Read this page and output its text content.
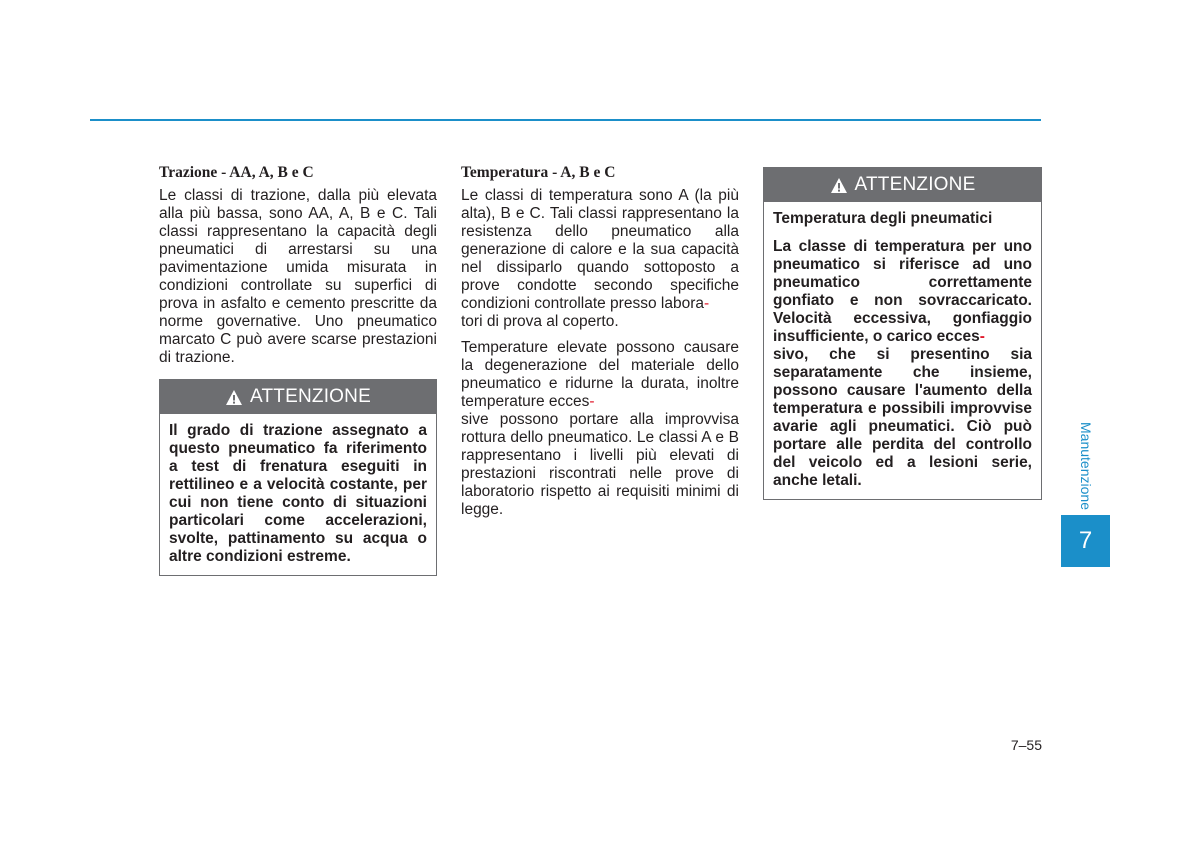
Trazione - AA, A, B e C

Le classi di trazione, dalla più elevata alla più bassa, sono AA, A, B e C. Tali classi rappresentano la capacità degli pneumatici di arrestarsi su una pavimentazione umida misurata in condizioni controllate su superfici di prova in asfalto e cemento prescritte da norme governative. Uno pneumatico marcato C può avere scarse prestazioni di trazione.

ATTENZIONE

Il grado di trazione assegnato a questo pneumatico fa riferimento a test di frenatura eseguiti in rettilineo e a velocità costante, per cui non tiene conto di situazioni particolari come accelerazioni, svolte, pattinamento su acqua o altre condizioni estreme.

Temperatura - A, B e C

Le classi di temperatura sono A (la più alta), B e C. Tali classi rappresentano la resistenza dello pneumatico alla generazione di calore e la sua capacità nel dissiparlo quando sottoposto a prove condotte secondo specifiche condizioni controllate presso labora-
tori di prova al coperto.

Temperature elevate possono causare la degenerazione del materiale dello pneumatico e ridurne la durata, inoltre temperature ecces-
sive possono portare alla improvvisa rottura dello pneumatico. Le classi A e B rappresentano i livelli più elevati di prestazioni riscontrati nelle prove di laboratorio rispetto ai requisiti minimi di legge.

ATTENZIONE

Temperatura degli pneumatici

La classe di temperatura per uno pneumatico si riferisce ad uno pneumatico correttamente gonfiato e non sovraccaricato. Velocità eccessiva, gonfiaggio insufficiente, o carico ecces-
sivo, che si presentino sia separatamente che insieme, possono causare l'aumento della temperatura e possibili improvvise avarie agli pneumatici. Ciò può portare alle perdita del controllo del veicolo ed a lesioni serie, anche letali.	Manutenzione
7
7–55
